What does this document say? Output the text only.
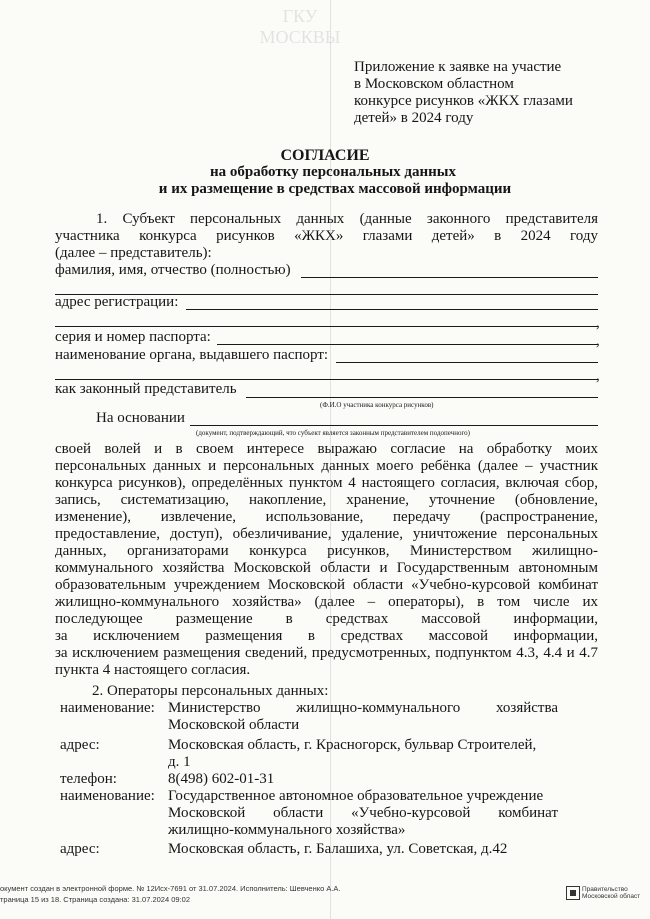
ГКУ
МОСКВЫ
Приложение к заявке на участие
в Московском областном
конкурсе рисунков «ЖКХ глазами
детей» в 2024 году
СОГЛАСИЕ
на обработку персональных данных
и их размещение в средствах массовой информации
1. Субъект персональных данных (данные законного представителя
участника конкурса рисунков «ЖКХ» глазами детей» в 2024 году
(далее – представитель):
фамилия, имя, отчество (полностью)
адрес регистрации:
,
серия и номер паспорта:	,
наименование органа, выдавшего паспорт:
,
как законный представитель
(Ф.И.О участника конкурса рисунков)
На основании
(документ, подтверждающий, что субъект является законным представителем подопечного)
своей волей и в своем интересе выражаю согласие на обработку моих
персональных данных и персональных данных моего ребёнка (далее – участник
конкурса рисунков), определённых пунктом 4 настоящего согласия, включая сбор,
запись, систематизацию, накопление, хранение, уточнение (обновление,
изменение), извлечение, использование, передачу (распространение,
предоставление, доступ), обезличивание, удаление, уничтожение персональных
данных, организаторами конкурса рисунков, Министерством жилищно-
коммунального хозяйства Московской области и Государственным автономным
образовательным учреждением Московской области «Учебно-курсовой комбинат
жилищно-коммунального хозяйства» (далее – операторы), в том числе их
последующее размещение в средствах массовой информации,
за исключением размещения в средствах массовой информации,
за исключением размещения сведений, предусмотренных, подпунктом 4.3, 4.4 и 4.7
пункта 4 настоящего согласия.
2. Операторы персональных данных:
наименование: Министерство жилищно-коммунального хозяйства
Московской области
адрес:	Московская область, г. Красногорск, бульвар Строителей,
д. 1
телефон:	8(498) 602-01-31
наименование: Государственное автономное образовательное учреждение
Московской области «Учебно-курсовой комбинат
жилищно-коммунального хозяйства»
адрес:	Московская область, г. Балашиха, ул. Советская, д.42
окумент создан в электронной форме. № 12Исх-7691 от 31.07.2024. Исполнитель: Шевченко А.А.
траница 15 из 18. Страница создана: 31.07.2024 09:02
Правительство
Московской област
